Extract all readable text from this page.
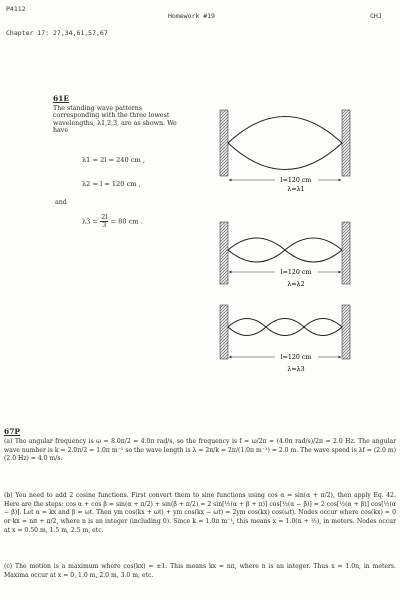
P4112
Homework #19	CHJ
Chapter 17: 27,34,61,57,67
61E
The standing wave patterns corresponding with the three lowest wavelengths, λ1,2,3, are as shown. We have
λ1 = 2l = 240 cm ,
λ2 = l = 120 cm ,
and
$\lambda 3 = \frac{2l}{3} = 80$ cm .
l=120 cm
λ=λ1
l=120 cm
λ=λ2
l=120 cm
λ=λ3
67P
(a) The angular frequency is ω = 8.0π/2 = 4.0π rad/s, so the frequency is f = ω/2π = (4.0π rad/s)/2π = 2.0 Hz. The angular wave number is k = 2.0π/2 = 1.0π m⁻¹ so the wave length is λ = 2π/k = 2π/(1.0π m⁻¹) = 2.0 m. The wave speed is λf = (2.0 m)(2.0 Hz) = 4.0 m/s.
(b) You need to add 2 cosine functions. First convert them to sine functions using cos α = sin(α + π/2), then apply Eq. 42. Here are the steps: cos α + cos β = sin(α + π/2) + sin(β + π/2) = 2 sin[½(α + β + π)] cos[½(α − β)] = 2 cos[½(α + β)] cos[½(α − β)]. Let α = kx and β = ωt. Then ym cos(kx + ωt) + ym cos(kx − ωt) = 2ym cos(kx) cos(ωt). Nodes occur where cos(kx) = 0 or kx = nπ + π/2, where n is an integer (including 0). Since k = 1.0π m⁻¹, this means x = 1.0(n + ½), in meters. Nodes occur at x = 0.50 m, 1.5 m, 2.5 m, etc.
(c) The motion is a maximum where cos(kx) = ±1. This means kx = nπ, where n is an integer. Thus x = 1.0n, in meters. Maxima occur at x = 0, 1.0 m, 2.0 m, 3.0 m, etc.
